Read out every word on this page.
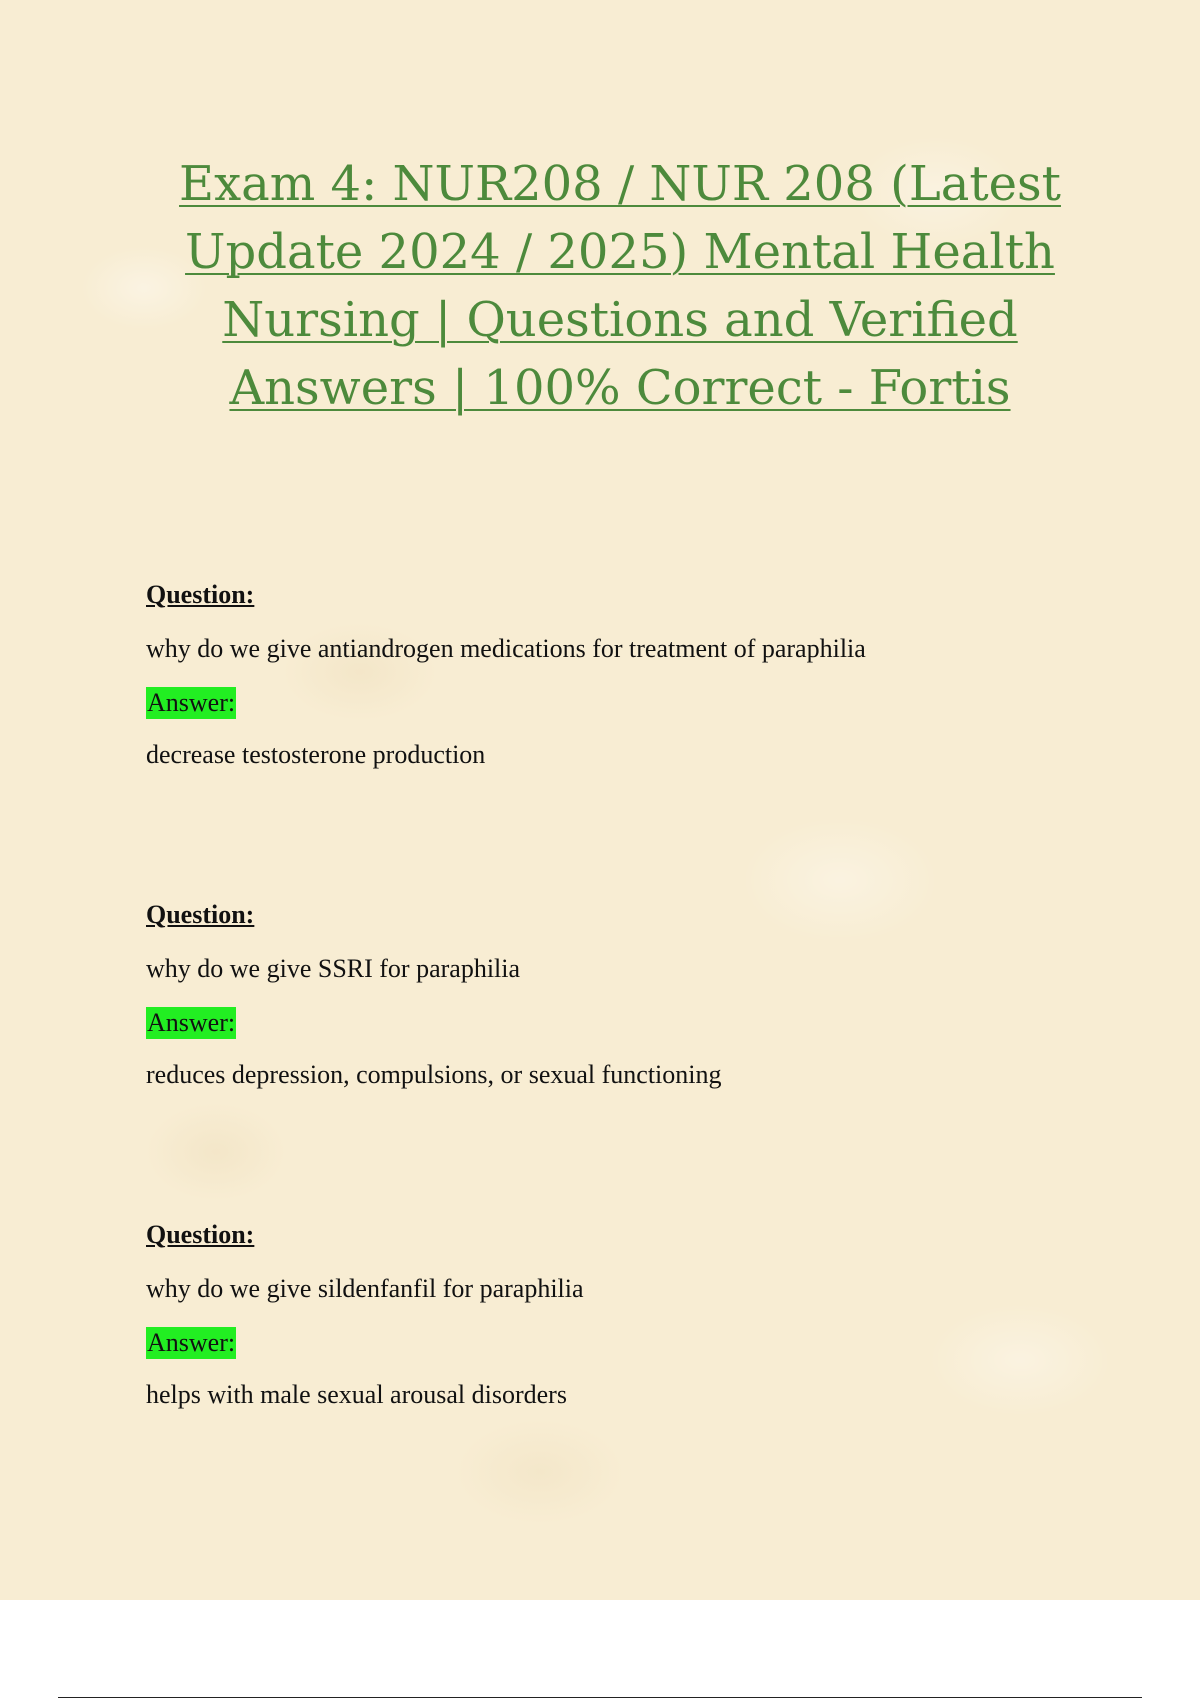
Exam 4: NUR208 / NUR 208 (Latest Update 2024 / 2025) Mental Health Nursing | Questions and Verified Answers | 100% Correct - Fortis
Question:
why do we give antiandrogen medications for treatment of paraphilia
Answer:
decrease testosterone production
Question:
why do we give SSRI for paraphilia
Answer:
reduces depression, compulsions, or sexual functioning
Question:
why do we give sildenfanfil for paraphilia
Answer:
helps with male sexual arousal disorders
